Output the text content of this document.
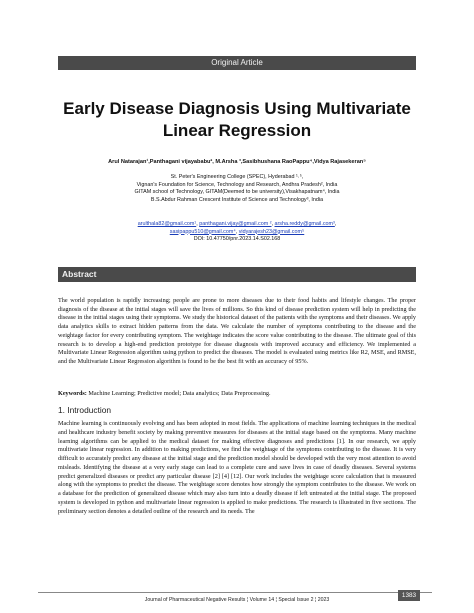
Original Article
Early Disease Diagnosis Using Multivariate Linear Regression
Arul Natarajan¹,Panthagani vijayababu², M.Arsha ³,Sasibhushana RaoPappu⁴,Vidya Rajasekeran⁵
St. Peter's Engineering College (SPEC), Hyderabad ¹˒⁵,
Vignan's Foundation for Science, Technology and Research, Andhra Pradesh², India
GITAM school of Technology, GITAM(Deemed to be university),Visakhapatnam⁴, India
B.S.Abdur Rahman Crescent Institute of Science and Technology³, India
arulthala82@gmail.com¹, panthagani.vijay@gmail.com ², arsha.reddy@gmail.com³,
sasipappu510@gmail.com⁴, vidyarajesh23@gmail.com⁵
DOI: 10.47750/pnr.2023.14.S02.168
Abstract

The world population is rapidly increasing; people are prone to more diseases due to their food habits and lifestyle changes. The proper diagnosis of the disease at the initial stages will save the lives of millions. So this kind of disease prediction system will help in predicting the disease in the initial stages using their symptoms. We study the historical dataset of the patients with the symptoms and their diseases. We apply data analytics skills to extract hidden patterns from the data. We calculate the number of symptoms contributing to the disease and the weightage factor for every contributing symptom. The weightage indicates the score value contributing to the disease. The ultimate goal of this research is to develop a high-end prediction prototype for disease diagnosis with improved accuracy and efficiency. We implemented a Multivariate Linear Regression algorithm using python to predict the diseases. The model is evaluated using metrics like R2, MSE, and RMSE, and the Multivariate Linear Regression algorithm is found to be the best fit with an accuracy of 95%.

Keywords: Machine Learning; Predictive model; Data analytics; Data Preprocessing.

1. Introduction

Machine learning is continuously evolving and has been adopted in most fields. The applications of machine learning techniques in the medical and healthcare industry benefit society by making preventive measures for diseases at the initial stage based on the symptoms. Many machine learning algorithms can be applied to the medical dataset for making effective diagnoses and predictions [1]. In our research, we apply multivariate linear regression. In addition to making predictions, we find the weightage of the symptoms contributing to the disease. It is very difficult to accurately predict any disease at the initial stage and the prediction model should be developed with the very most attention to avoid misleads. Identifying the disease at a very early stage can lead to a complete cure and save lives in case of deadly diseases. Several systems predict generalized diseases or predict any particular disease [2] [4] [12]. Our work includes the weightage score calculation that is measured along with the symptoms to predict the disease. The weightage score denotes how strongly the symptom contributes to the disease. We work on a database for the prediction of generalized disease which may also turn into a deadly disease if left untreated at the initial stage. The proposed system is developed in python and multivariate linear regression is applied to make predictions. The research is illustrated in five sections. The preliminary section denotes a detailed outline of the research and its needs. The

Journal of Pharmaceutical Negative Results ¦ Volume 14 ¦ Special Issue 2 ¦ 2023
1383
